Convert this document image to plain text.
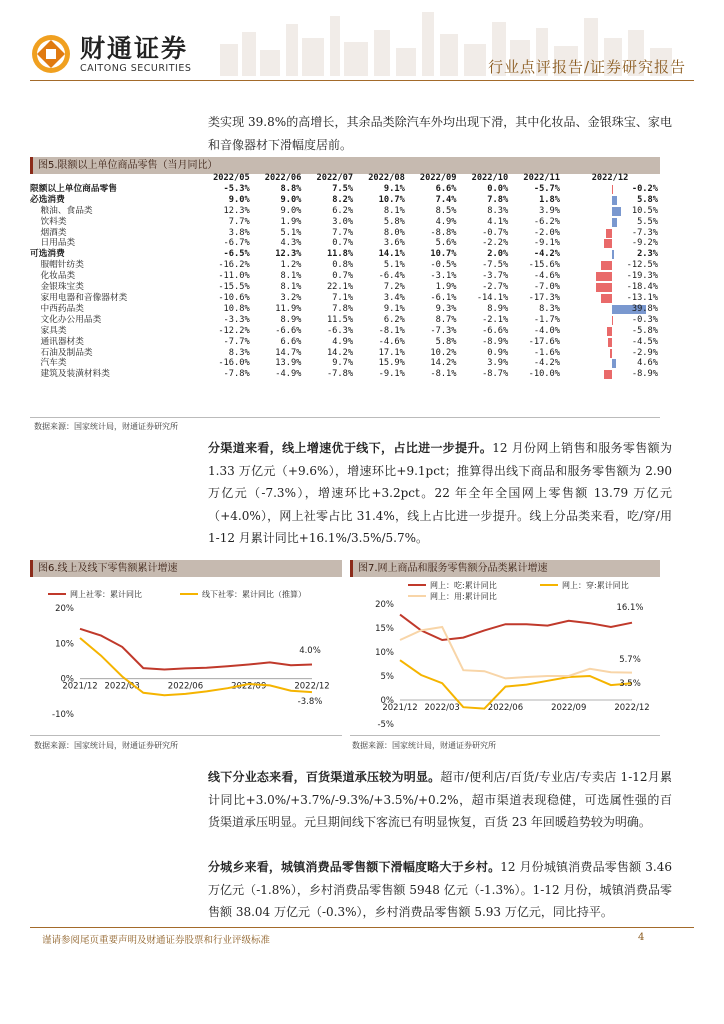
财通证券
CAITONG SECURITIES	行业点评报告/证券研究报告

类实现 39.8%的高增长，其余品类除汽车外均出现下滑，其中化妆品、金银珠宝、家电和音像器材下滑幅度居前。

图5.限额以上单位商品零售（当月同比）
	2022/05	2022/06	2022/07	2022/08	2022/09	2022/10	2022/11	2022/12
限额以上单位商品零售	-5.3%	8.8%	7.5%	9.1%	6.6%	0.0%	-5.7%	-0.2%

必选消费	9.0%	9.0%	8.2%	10.7%	7.4%	7.8%	1.8%	5.8%

粮油、食品类	12.3%	9.0%	6.2%	8.1%	8.5%	8.3%	3.9%	10.5%

饮料类	7.7%	1.9%	3.0%	5.8%	4.9%	4.1%	-6.2%	5.5%

烟酒类	3.8%	5.1%	7.7%	8.0%	-8.8%	-0.7%	-2.0%	-7.3%

日用品类	-6.7%	4.3%	0.7%	3.6%	5.6%	-2.2%	-9.1%	-9.2%

可选消费	-6.5%	12.3%	11.8%	14.1%	10.7%	2.0%	-4.2%	2.3%

服帽针纺类	-16.2%	1.2%	0.8%	5.1%	-0.5%	-7.5%	-15.6%	-12.5%

化妆品类	-11.0%	8.1%	0.7%	-6.4%	-3.1%	-3.7%	-4.6%	-19.3%

金银珠宝类	-15.5%	8.1%	22.1%	7.2%	1.9%	-2.7%	-7.0%	-18.4%

家用电器和音像器材类	-10.6%	3.2%	7.1%	3.4%	-6.1%	-14.1%	-17.3%	-13.1%

中西药品类	10.8%	11.9%	7.8%	9.1%	9.3%	8.9%	8.3%	39.8%

文化办公用品类	-3.3%	8.9%	11.5%	6.2%	8.7%	-2.1%	-1.7%	-0.3%

家具类	-12.2%	-6.6%	-6.3%	-8.1%	-7.3%	-6.6%	-4.0%	-5.8%

通讯器材类	-7.7%	6.6%	4.9%	-4.6%	5.8%	-8.9%	-17.6%	-4.5%

石油及制品类	8.3%	14.7%	14.2%	17.1%	10.2%	0.9%	-1.6%	-2.9%

汽车类	-16.0%	13.9%	9.7%	15.9%	14.2%	3.9%	-4.2%	4.6%

建筑及装潢材料类	-7.8%	-4.9%	-7.8%	-9.1%	-8.1%	-8.7%	-10.0%	-8.9%
数据来源：国家统计局，财通证券研究所

分渠道来看，线上增速优于线下，占比进一步提升。12 月份网上销售和服务零售额为 1.33 万亿元（+9.6%），增速环比+9.1pct；推算得出线下商品和服务零售额为 2.90 万亿元（-7.3%），增速环比+3.2pct。22 年全年全国网上零售额 13.79 万亿元（+4.0%），网上社零占比 31.4%，线上占比进一步提升。线上分品类来看，吃/穿/用 1-12 月累计同比+16.1%/3.5%/5.7%。

图6.线上及线下零售额累计增速
20%
10%
0%
-10%
2021/12 2022/03	2022/06	2022/09	2022/12
网上社零：累计同比	线下社零：累计同比（推算）
4.0%
-3.8%
数据来源：国家统计局，财通证券研究所
图7.网上商品和服务零售额分品类累计增速
20%
15%
10%
5%
0%
-5%
2021/12 2022/03	2022/06	2022/09	2022/12
网上：吃:累计同比	网上：穿:累计同比
网上：用:累计同比
16.1%
5.7%
3.5%
数据来源：国家统计局，财通证券研究所

线下分业态来看，百货渠道承压较为明显。超市/便利店/百货/专业店/专卖店 1-12月累计同比+3.0%/+3.7%/-9.3%/+3.5%/+0.2%，超市渠道表现稳健，可选属性强的百货渠道承压明显。元旦期间线下客流已有明显恢复，百货 23 年回暖趋势较为明确。

分城乡来看，城镇消费品零售额下滑幅度略大于乡村。12 月份城镇消费品零售额 3.46 万亿元（-1.8%），乡村消费品零售额 5948 亿元（-1.3%）。1-12 月份，城镇消费品零售额 38.04 万亿元（-0.3%），乡村消费品零售额 5.93 万亿元，同比持平。

谨请参阅尾页重要声明及财通证券股票和行业评级标准	4
